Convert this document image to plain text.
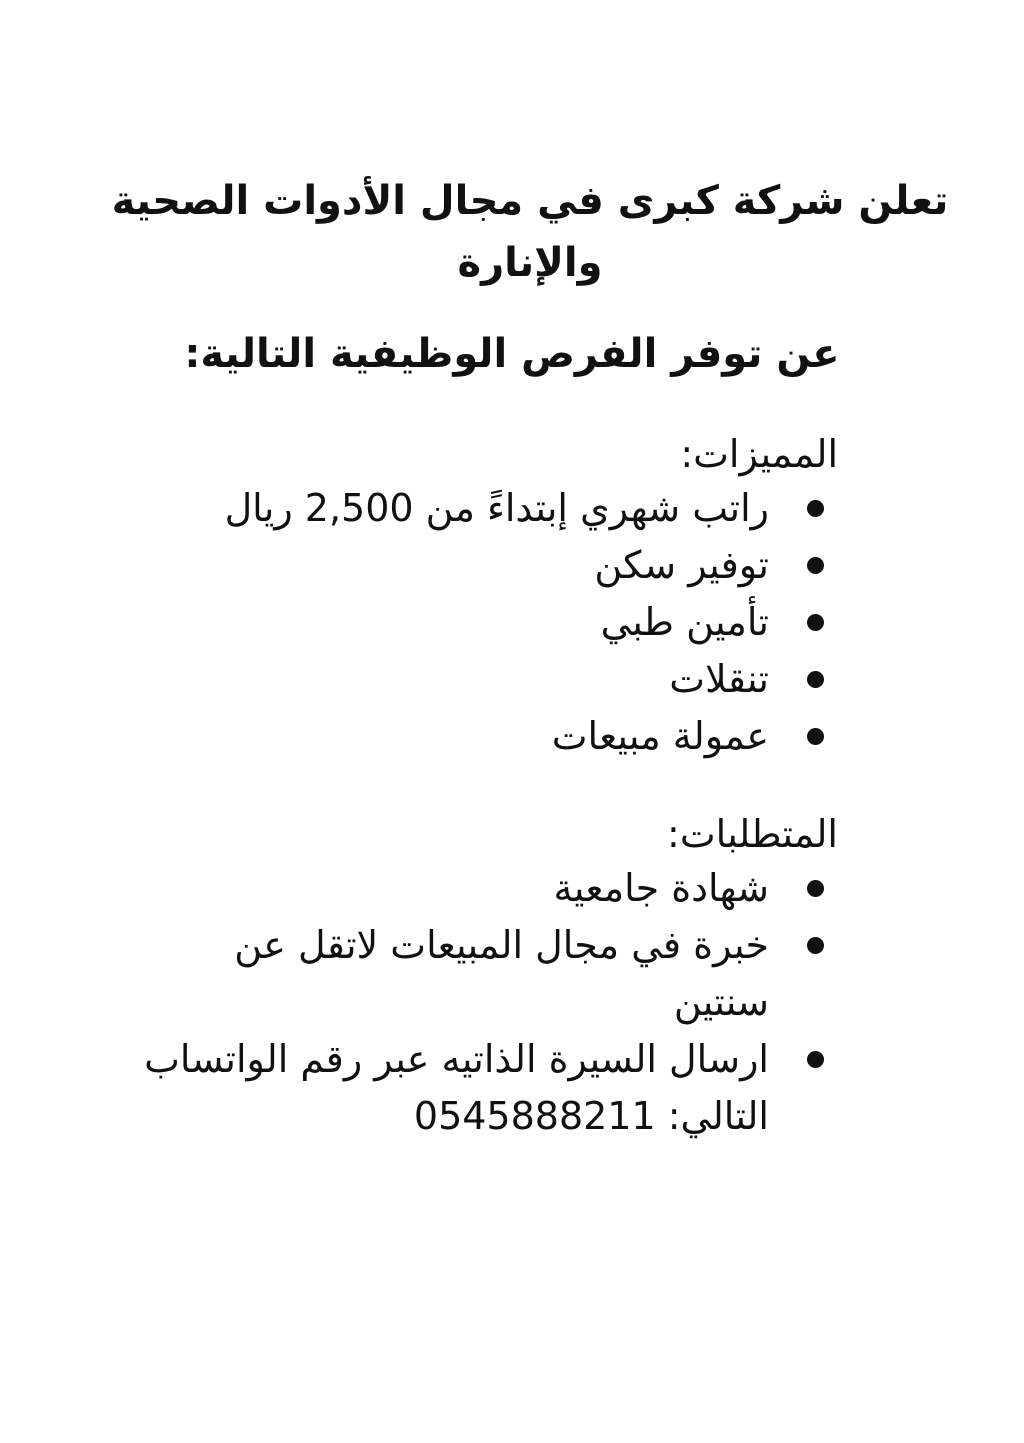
تعلن شركة كبرى في مجال الأدوات الصحية والإنارة
عن توفر الفرص الوظيفية التالية:
المميزات:
راتب شهري إبتداءً من 2,500 ريال
توفير سكن
تأمين طبي
تنقلات
عمولة مبيعات
المتطلبات:
شهادة جامعية
خبرة في مجال المبيعات لاتقل عن سنتين
ارسال السيرة الذاتيه عبر رقم الواتساب التالي: 0545888211
